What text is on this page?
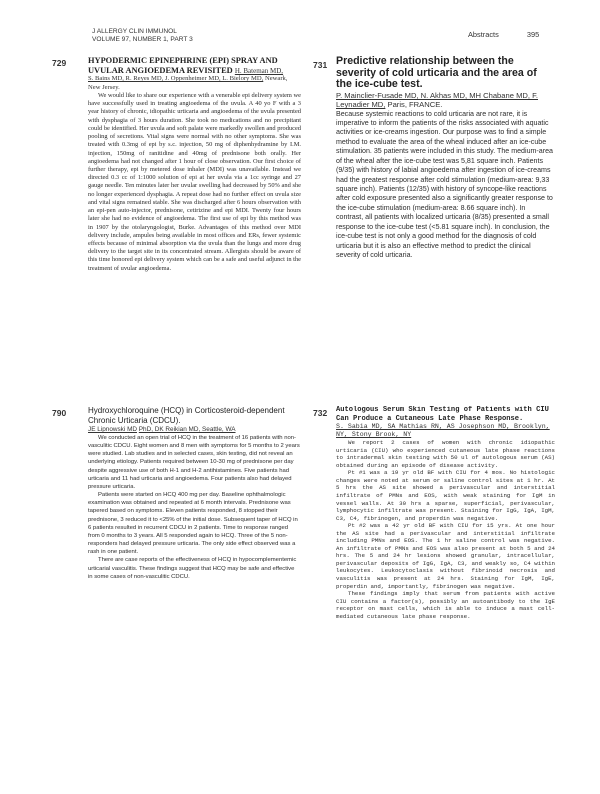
J ALLERGY CLIN IMMUNOL
VOLUME 97, NUMBER 1, PART 3
Abstracts	395
729	HYPODERMIC EPINEPHRINE (EPI) SPRAY AND UVULAR ANGIOEDEMA REVISITED H. Bateman MD,
S. Bains MD, R. Reyes MD, J. Oppenheimer MD, L. Bielory MD, Newark, New Jersey.

We would like to share our experience with a venerable epi delivery system we have successfully used in treating angioedema of the uvula. A 40 yo F with a 3 year history of chronic, idiopathic urticaria and angioedema of the uvula presented with dysphagia of 3 hours duration. She took no medications and no precipitant could be identified. Her uvula and soft palate were markedly swollen and produced pooling of secretions. Vital signs were normal with no other symptoms. She was treated with 0.3mg of epi by s.c. injection, 50 mg of diphenhydramine by I.M. injection, 150mg of ranitidine and 40mg of prednisone both orally. Her angioedema had not changed after 1 hour of close observation. Our first choice of further therapy, epi by metered dose inhaler (MDI) was unavailable. Instead we directed 0.3 cc of 1:1000 solution of epi at her uvula via a 1cc syringe and 27 gauge needle. Ten minutes later her uvular swelling had decreased by 50% and she no longer experienced dysphagia. A repeat dose had no further effect on uvula size and vital signs remained stable. She was discharged after 6 hours observation with an epi-pen auto-injector, prednisone, cetirizine and epi MDI. Twenty four hours later she had no evidence of angioedema. The first use of epi by this method was in 1907 by the otolaryngologist, Burke. Advantages of this method over MDI delivery include, ampules being available in most offices and ERs, fewer systemic effects because of minimal absorption via the uvula than the lungs and more drug delivery to the target site in its concentrated stream. Allergists should be aware of this time honored epi delivery system which can be a safe and useful adjunct in the treatment of uvular angioedema.

731 Predictive relationship between the severity of cold urticaria and the area of the ice-cube test.
P. Mainclier-Fusade MD, N. Akhas MD, MH Chabane MD, F. Leynadier MD, Paris, FRANCE.

Because systemic reactions to cold urticaria are not rare, it is imperative to inform the patients of the risks associated with aquatic activities or ice-creams ingestion. Our purpose was to find a simple method to evaluate the area of the wheal induced after an ice-cube stimulation. 35 patients were included in this study. The medium-area of the wheal after the ice-cube test was 5,81 square inch. Patients (9/35) with history of labial angioedema after ingestion of ice-creams had the greatest response after cold stimulation (medium-area: 9,33 square inch). Patients (12/35) with history of syncope-like reactions after cold exposure presented also a significantly greater response to the ice-cube stimulation (medium-area: 8.66 square inch). In contrast, all patients with localized urticaria (8/35) presented a small response to the ice-cube test (<5.81 square inch). In conclusion, the ice-cube test is not only a good method for the diagnosis of cold urticaria but it is also an effective method to predict the clinical severity of cold urticaria.

790	Hydroxychloroquine (HCQ) in Corticosteroid-dependent Chronic Urticaria (CDCU).
JE Lipnowski MD PhD, DK Reikian MD, Seattle, WA

We conducted an open trial of HCQ in the treatment of 16 patients with non-vasculitic CDCU. Eight women and 8 men with symptoms for 5 months to 2 years were studied. Lab studies and in selected cases, skin testing, did not reveal an underlying etiology. Patients required between 10-30 mg of prednisone per day despite aggressive use of both H-1 and H-2 antihistamines. Five patients had urticaria and 11 had urticaria and angioedema. Four patients also had delayed pressure urticaria.

Patients were started on HCQ 400 mg per day. Baseline ophthalmologic examination was obtained and repeated at 6 month intervals. Prednisone was tapered based on symptoms. Eleven patients responded, 8 stopped their prednisone, 3 reduced it to <25% of the initial dose. Subsequent taper of HCQ in 6 patients resulted in recurrent CDCU in 2 patients. Time to response ranged from 0 months to 3 years. All 5 responded again to HCQ. Three of the 5 non-responders had delayed pressure urticaria. The only side effect observed was a rash in one patient.

There are case reports of the effectiveness of HCQ in hypocomplementemic urticarial vasculitis. These findings suggest that HCQ may be safe and effective in some cases of non-vasculitic CDCU.

732 Autologous Serum Skin Testing of Patients with CIU Can Produce a Cutaneous Late Phase Response.
S. Sabia MD, SA Mathias RN, AS Josephson MD, Brooklyn, NY, Stony Brook, NY

We report 2 cases of women with chronic idiopathic urticaria (CIU) who experienced cutaneous late phase reactions to intradermal skin testing with 50 ul of autologous serum (AS) obtained during an episode of disease activity.

Pt #1 was a 19 yr old BF with CIU for 4 mos. No histologic changes were noted at serum or saline control sites at 1 hr. At 5 hrs the AS site showed a perivascular and interstitial infiltrate of PMNs and EOS, with weak staining for IgM in vessel walls. At 30 hrs a sparse, superficial, perivascular, lymphocytic infiltrate was present. Staining for IgG, IgA, IgM, C3, C4, fibrinogen, and properdin was negative.

Pt #2 was a 42 yr old BF with CIU for 15 yrs. At one hour the AS site had a perivascular and interstitial infiltrate including PMNs and EOS. The 1 hr saline control was negative. An infiltrate of PMNs and EOS was also present at both 5 and 24 hrs. The 5 and 24 hr lesions showed granular, intracellular, perivascular deposits of IgG, IgA, C3, and weakly so, C4 within leukocytes. Leukocytoclasis without fibrinoid necrosis and vasculitis was present at 24 hrs. Staining for IgM, IgE, properdin and, importantly, fibrinogen was negative.

These findings imply that serum from patients with active CIU contains a factor(s), possibly an autoantibody to the IgE receptor on mast cells, which is able to induce a mast cell-mediated cutaneous late phase response.
